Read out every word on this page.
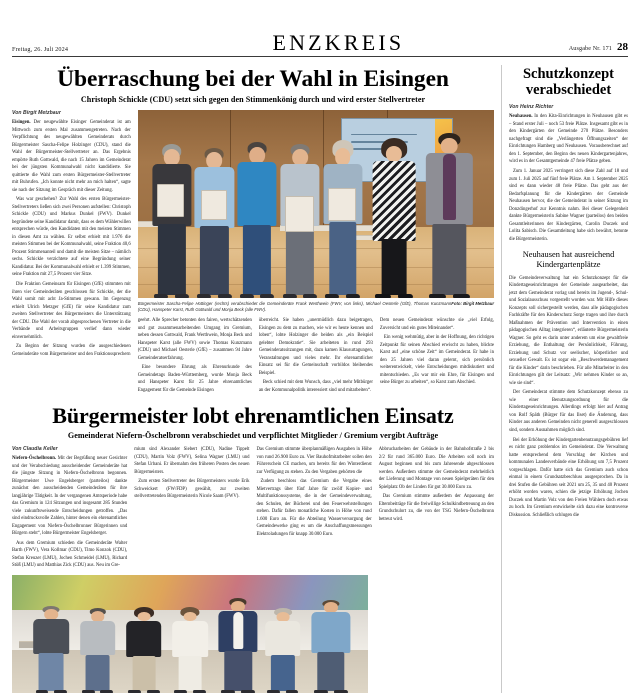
Freitag, 26. Juli 2024	ENZKREIS	Ausgabe Nr. 171 28
Überraschung bei der Wahl in Eisingen
Christoph Schickle (CDU) setzt sich gegen den Stimmenkönig durch und wird erster Stellvertreter
Von Birgit Metzbaur

Eisingen. Der neugewählte Eisinger Gemeinderat ist am Mittwoch zum ersten Mal zusammengetreten. Nach der Verpflichtung des neugewählten Gemeinderats durch Bürgermeister Sascha-Felipe Holzinger (CDU), stand die Wahl der Bürgermeister-Stellvertreter an. Das Ergebnis empörte Ruth Gottwald, die nach 15 Jahren im Gemeinderat bei der jüngsten Kommunalwahl nicht kandidierte. Sie quittierte die Wahl zum ersten Bürgermeister-Stellvertreter mit Buhrufen. „Ich konnte nicht mehr an mich halten“, sagte sie nach der Sitzung im Gespräch mit dieser Zeitung.

Was war geschehen? Zur Wahl des ersten Bürgermeister-Stellvertreters ließen sich zwei Personen aufstellen: Christoph Schickle (CDU) und Markus Dunkel (FWV). Dunkel begründete seine Kandidatur damit, dass es dem Wählerwillen entsprechen würde, den Kandidaten mit den meisten Stimmen in diesen Amt zu wählen. Er selbst erhielt mit 1.976 die meisten Stimmen bei der Kommunalwahl, seine Fraktion 40,6 Prozent Stimmenanteil und damit die meisten Sitze – nämlich sechs. Schickle verzichtete auf eine Begründung seiner Kandidatur. Bei der Kommunalwahl erhielt er 1.399 Stimmen, seine Fraktion mit 27,5 Prozent vier Sitze.

Die Fraktion Gemeinsam für Eisingen (GfE) stimmten mit ihren vier Gemeinderäten geschlossen für Schickle, der die Wahl somit mit acht Ja-Stimmen gewann. Im Gegenzug erhielt Ulrich Metzger (GfE) für seine Kandidatur zum zweiten Stellvertreter des Bürgermeisters die Unterstützung der CDU. Die Wahl der vorab abgesprochenen Vertreter in die Verbände und Arbeitsgruppen verlief dann wieder einvernehmlich.

Zu Beginn der Sitzung wurden die ausgeschiedenen Gemeinderäte vom Bürgermeister und den Fraktionssprechern

Foto: Birgit Metzbaur
Bürgermeister Sascha-Felipe Hottinger (rechts) verabschiedet die Gemeinderäte Frank Werthwein (FWV, von links), Michael Oesterle (GfE), Thomas Kunzmann (CDU), Hanspeter Karst, Ruth Gottwald und Monja Beck (alle FWV).

geehrt. Alle Sprecher betonten den fairen, wertschätzenden und gut zusammenarbeitenden Umgang im Gremium, neben dessen Gottwald, Frank Werthwein, Monja Beck und Hanspeter Karst (alle FWV) sowie Thomas Kunzmann (CDU) und Michael Oesterle (GfE) – zusammen 94 Jahre Gemeinderatserfahrung.

Eine besondere Ehrung als Ehrenurkunde des Gemeindetags Baden-Württemberg, wurde Monja Beck und Hanspeter Karst für 25 Jahre ehrenamtliches Engagement für die Gemeinde Eisingen

überreicht. Sie haben „unermüdlich dazu beigetragen, Eisingen zu dem zu machen, wie wir es heute kennen und loben“, lobte Holzinger die beiden als „ein Beispiel gelebter Demokratie“. Sie arbeiteten in rund 293 Gemeinderatssitzungen mit, dazu kamen Klausurtagungen, Veranstaltungen und vieles mehr. Ihr ehrenamtlicher Einsatz sei für die Gemeinschaft vorbildos bleibendes Beispiel.

Beck schied mit dem Wunsch, dass „viel mehr Mitbürger an der Kommunalpolitik interessiert sind und mitarbeiten“.

Dem neuen Gemeinderat wünschte sie „viel Erfolg, Zuversicht und ein gutes Miteinander“.

Ein wenig wehmütig, aber in der Hoffnung, den richtigen Zeitpunkt für seinen Abschied erwischt zu haben, blickte Karst auf „eine schöne Zeit“ im Gemeinderat. Er habe in den 25 Jahren viel daran gelernt, sich persönlich weiterentwickelt, viele Entscheidungen mitdiskutiert und mitentschieden. „Es war mir ein Ehre, für Eisingen und seine Bürger zu arbeiten“, so Karst zum Abschied.

Bürgermeister lobt ehrenamtlichen Einsatz
Gemeinderat Niefern-Öschelbronn verabschiedet und verpflichtet Mitglieder / Gremium vergibt Aufträge
Von Claudia Keller

Niefern-Öschelbronn. Mit der Begrüßung neuer Gesichter und der Verabschiedung ausscheidender Gemeinderäte hat die jüngste Sitzung in Niefern-Öschelbronn begonnen. Bürgermeister Uwe Engelsberger (parteilos) dankte zunächst den ausscheidenden Gemeinderäten für ihre langjährige Tätigkeit. In der vergangenen Amtsperiode habe das Gremium in 124 Sitzungen und insgesamt 285 Stunden viele zukunftsweisende Entscheidungen getroffen. „Das sind eindrucksvolle Zahlen, hinter denen ein ehrenamtliches Engagement von Niefern-Öschelbronner Bürgerinnen und Bürgern steht“, lobte Bürgermeister Engelsberger.

Aus dem Gremium schieden die Gemeinderäte Walter Barth (FWV), Vera Kollmar (CDU), Timo Konzok (CDU), Stefan Kreuzer (LMU), Jochen Schmeidel (LMU), Richard Stöß (LMU) und Matthias Zick (CDU) aus. Neu im Gre-

mium sind Alexander Siebert (CDU), Nadine Tippelt (CDU), Martin Volz (FWV), Selina Wagner (LMU) und Stefan Urbani. Er übernahm den früheren Posten des neuen Bürgermeisters.

Zum ersten Stellvertreter des Bürgermeisters wurde Erik Schweickert (FW/FDP) gewählt, zur zweiten stellvertretenden Bürgermeisterin Nicole Saam (FWV).

Das Gremium stimmte überplanmäßigen Ausgaben in Höhe von rund 26.900 Euro zu. Vier Bauhofmitarbeiter sollen den Führerschein CE machen, um bereits für den Winterdienst zur Verfügung zu stehen. Zu den Vergaben gehörten die

Zudem beschloss das Gremium die Vergabe eines Mietvertrags über fünf Jahre für zwölf Kopier- und Multifunktionssysteme, die in der Gemeindeverwaltung, den Schulen, der Bücherei und den Feuerwehrstellungen stehen. Dafür fallen monatliche Kosten in Höhe von rund 1.600 Euro an. Für die Abteilung Wasserversorgung der Gemeindewerke ging es um die Anschaffungsmessungen Elektroladungen für knapp 30.000 Euro.

Abbrucharbeiten der Gebäude in der Bahnhofstraße 2 bis 2/2 für rund 365.000 Euro. Die Arbeiten soll noch im August beginnen und bis zum Jahresende abgeschlossen werden. Außerdem stimmte der Gemeinderat mehrheitlich der Lieferung und Montage von neuen Spielgeräten für den Spielplatz Ob der Linden für gut 30.000 Euro zu.

Das Gremium stimmte außerdem der Anpassung der Elternbeiträge für die freiwillige Schulkindbetreuung an den Grundschulort zu, die von der TSG Niefern-Öschelbronn betreut wird.

Schutzkonzept verabschiedet
Von Heinz Richter

Neuhausen. In den Kita-Einrichtungen in Neuhausen gibt es – Stand erster Juli – noch 53 freie Plätze. Insgesamt gibt es in den Kindergärten der Gemeinde 270 Plätze. Besonders nachgefragt sind die „Verlängerten Öffnungszeiten“ der Einrichtungen Hamberg und Neuhausen. Vorausberechnet auf den 1. September, den Beginn des neuen Kindergartenjahres, wird es in der Gesamtgemeinde 47 freie Plätze geben.

Zum 1. Januar 2025 verringert sich diese Zahl auf 18 und zum 1. Juli 2025 auf fünf freie Plätze. Am 1. September 2025 sind es dann wieder 48 freie Plätze. Das geht aus der Bedarfsplanung für die Kindergärten der Gemeinde Neuhausen hervor, die der Gemeinderat in seiner Sitzung im Donzdingerhof zur Kenntnis nahm. Bei dieser Gelegenheit dankte Bürgermeisterin Sabine Wagner (parteilos) den beiden Gesamtleiterinnen der Kindergärten, Carolin Duczek und Lolita Sabisch. Die Gesamtleitung habe sich bewährt, betonte die Bürgermeisterin.

Neuhausen hat ausreichend Kindergartenplätze

Die Gemeindeverwaltung hat ein Schutzkonzept für die Kindertageseinrichtungen der Gemeinde ausgearbeitet, das jetzt dem Gemeinderat vorlag und bereits im Jugend-, Schul- und Sozialausschuss vorgestellt worden war. Mit Hilfe dieses Konzepts soll sichergestellt werden, dass alle pädagogischen Fachkräfte für den Kinderschutz Sorge tragen und ihre durch Maßnahmen der Prävention und Intervention in einen pädagogischen Alltag integrieren“, erläuterte Bürgermeisterin Wagner. So geht es darin unter anderem um eine gewaltfreie Erziehung, die Enthaltung der Persönlichkeit, Führung, Erziehung und Schutz vor seelischer, körperlicher und sexueller Gewalt. Es ist sogar ein „Beschwerdemanagement für die Kinder“ darin beschrieben. Für alle Mitarbeiter in den Einrichtungen gilt der Leitsatz: „Wir nehmen Kinder so an, wie sie sind“.

Der Gemeinderat stimmte dem Schutzkonzept ebenso zu wie einer Benutzungsordnung für die Kindertageseinrichtungen. Allerdings erfolgt hier auf Antrag von Rolf Späth (Bürger für das Ilset) die Änderung, dass Kinder aus anderen Gemeinden nicht generell ausgeschlossen sind, sondern Ausnahmen möglich sind.

Bei der Erhöhung der Kindergartenbenutzungsgebühren lief es nicht ganz problemlos im Gemeinderat. Die Verwaltung hatte entsprechend dem Vorschlag der Kirchen und kommunalen Landesverbände eine Erhöhung um 7,5 Prozent vorgeschlagen. Dafür hatte sich das Gremium auch schon einmal in einem Grundsatzbeschluss ausgesprochen. Da in drei Stufen die Gebühren seit 2021 um 25, 35 und 40 Prozent erhöht worden waren, schien die jetzige Erhöhung Jochen Duczek und Martin Volz von den Freien Wählern doch etwas zu hoch. Im Gremium entwickelte sich dazu eine kontroverse Diskussion. Schließlich schlugen die
